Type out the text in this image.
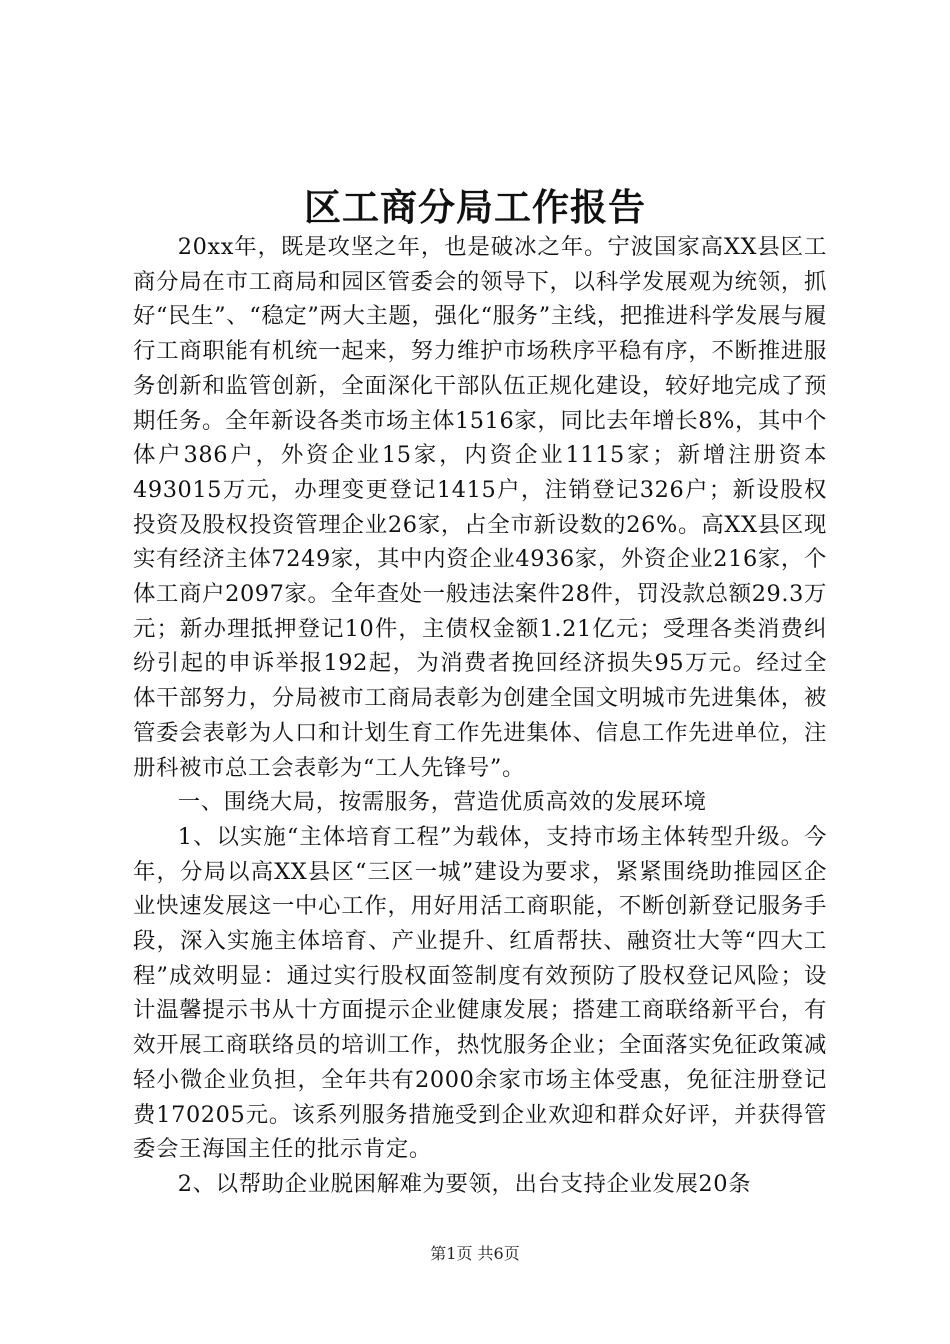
区工商分局工作报告

20xx年，既是攻坚之年，也是破冰之年。宁波国家高XX县区工商分局在市工商局和园区管委会的领导下，以科学发展观为统领，抓好“民生”、“稳定”两大主题，强化“服务”主线，把推进科学发展与履行工商职能有机统一起来，努力维护市场秩序平稳有序，不断推进服务创新和监管创新，全面深化干部队伍正规化建设，较好地完成了预期任务。全年新设各类市场主体1516家，同比去年增长8%，其中个体户386户，外资企业15家，内资企业1115家；新增注册资本493015万元，办理变更登记1415户，注销登记326户；新设股权投资及股权投资管理企业26家，占全市新设数的26%。高XX县区现实有经济主体7249家，其中内资企业4936家，外资企业216家，个体工商户2097家。全年查处一般违法案件28件，罚没款总额29.3万元；新办理抵押登记10件，主债权金额1.21亿元；受理各类消费纠纷引起的申诉举报192起，为消费者挽回经济损失95万元。经过全体干部努力，分局被市工商局表彰为创建全国文明城市先进集体，被管委会表彰为人口和计划生育工作先进集体、信息工作先进单位，注册科被市总工会表彰为“工人先锋号”。

一、围绕大局，按需服务，营造优质高效的发展环境

1、以实施“主体培育工程”为载体，支持市场主体转型升级。今年，分局以高XX县区“三区一城”建设为要求，紧紧围绕助推园区企业快速发展这一中心工作，用好用活工商职能，不断创新登记服务手段，深入实施主体培育、产业提升、红盾帮扶、融资壮大等“四大工程”成效明显：通过实行股权面签制度有效预防了股权登记风险；设计温馨提示书从十方面提示企业健康发展；搭建工商联络新平台，有效开展工商联络员的培训工作，热忱服务企业；全面落实免征政策减轻小微企业负担，全年共有2000余家市场主体受惠，免征注册登记费170205元。该系列服务措施受到企业欢迎和群众好评，并获得管委会王海国主任的批示肯定。

2、以帮助企业脱困解难为要领，出台支持企业发展20条

第1页 共6页
